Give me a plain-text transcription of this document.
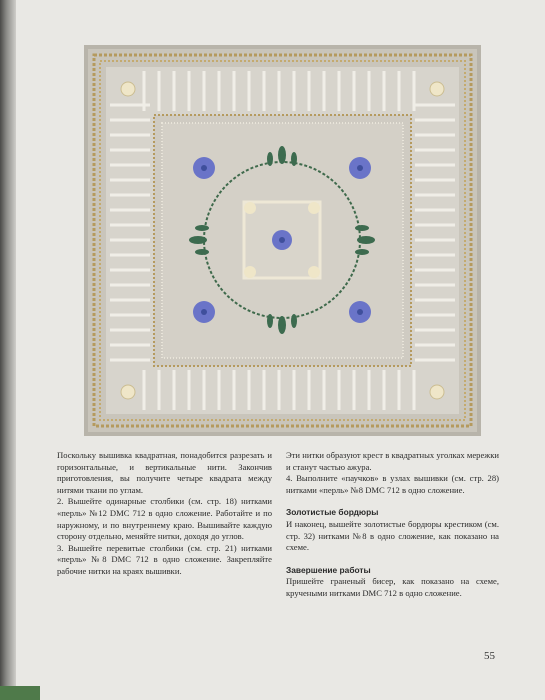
Поскольку вышивка квадратная, понадобится разрезать и горизонтальные, и вертикальные нити. Закончив приготовления, вы получите четыре квадрата между нитями ткани по углам.

2. Вышейте одинарные столбики (см. стр. 18) нитками «перль» №12 DMC 712 в одно сложение. Работайте и по наружному, и по внутреннему краю. Вышивайте каждую сторону отдельно, меняйте нитки, доходя до углов.

3. Вышейте перевитые столбики (см. стр. 21) нитками «перль» №8 DMC 712 в одно сложение. Закрепляйте рабочие нитки на краях вышивки.

Эти нитки образуют крест в квадратных уголках мережки и станут частью ажура.

4. Выполните «паучков» в узлах вышивки (см. стр. 28) нитками «перль» №8 DMC 712 в одно сложение.

Золотистые бордюры

И наконец, вышейте золотистые бордюры крестиком (см. стр. 32) нитками №8 в одно сложение, как показано на схеме.

Завершение работы

Пришейте граненый бисер, как показано на схеме, кручеными нитками DMC 712 в одно сложение.

55
